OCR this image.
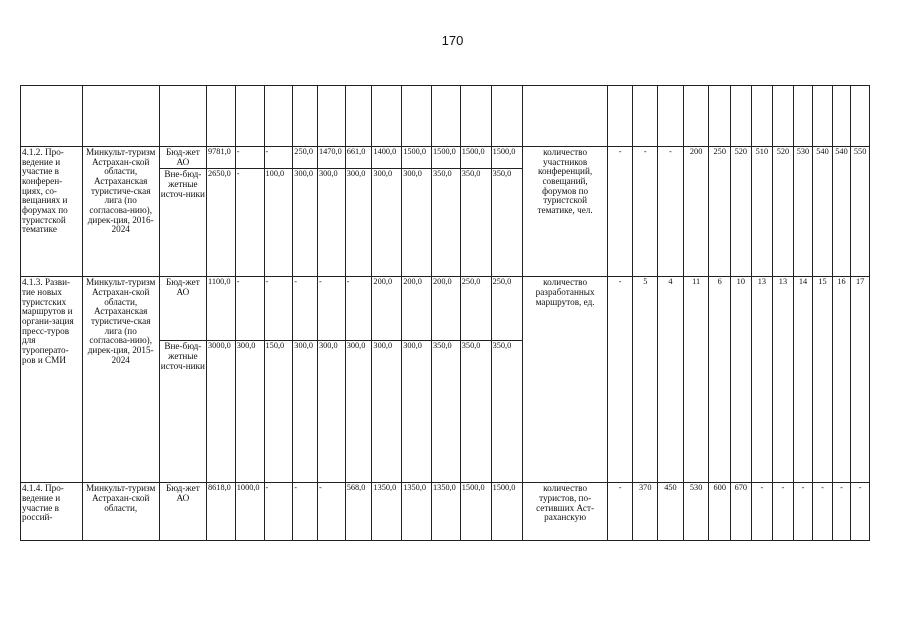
170

4.1.2. Про-ведение и участие в конферен-циях, со-вещаниях и форумах по туристской тематике	Минкульт-туризм Астрахан-ской области, Астраханская туристиче-ская лига (по согласова-нию), дирек-ция, 2016-2024	Бюд-жет АО	9781,0	-	-	250,0	1470,0	661,0	1400,0	1500,0	1500,0	1500,0	1500,0	количество участников конференций, совещаний, форумов по туристской тематике, чел.	-	-	-	200	250	520	510	520	530	540	540	550
		Вне-бюд-жетные источ-ники	2650,0	-	100,0	300,0	300,0	300,0	300,0	300,0	350,0	350,0	350,0													
4.1.3. Разви-тие новых туристских маршрутов и органи-зация пресс-туров для туроперато-ров и СМИ	Минкульт-туризм Астрахан-ской области, Астраханская туристиче-ская лига (по согласова-нию), дирек-ция, 2015-2024	Бюд-жет АО	1100,0	-	-	-	-	-	200,0	200,0	200,0	250,0	250,0	количество разработанных маршрутов, ед.	-	5	4	11	6	10	13	13	14	15	16	17
		Вне-бюд-жетные источ-ники	3000,0	300,0	150,0	300,0	300,0	300,0	300,0	300,0	350,0	350,0	350,0													
4.1.4. Про-ведение и участие в россий-	Минкульт-туризм Астрахан-ской области,	Бюд-жет АО	8618,0	1000,0	-	-	-	568,0	1350,0	1350,0	1350,0	1500,0	1500,0	количество туристов, по-сетивших Аст-раханскую	-	370	450	530	600	670	-	-	-	-	-	-
